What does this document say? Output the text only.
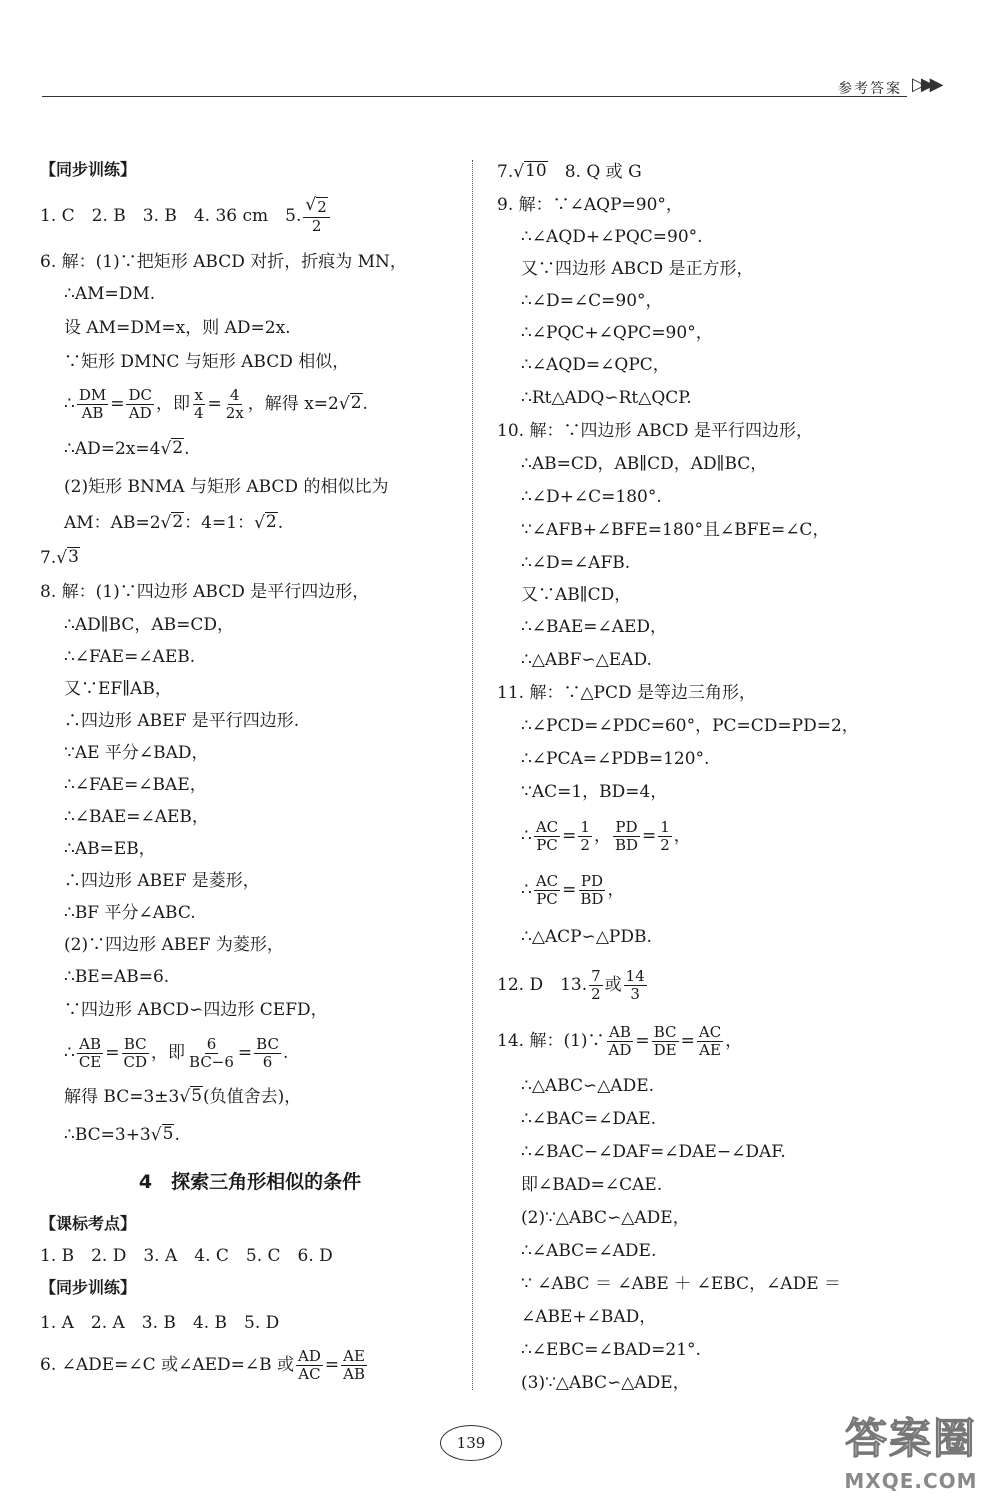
参考答案 ▷▶▶
【同步训练】
1. C　2. B　3. B　4. 36 cm　5. $\frac{√ 2}{2}$
6. 解：(1)∵把矩形 ABCD 对折，折痕为 MN，
∴AM=DM.
设 AM=DM=x，则 AD=2x.
∵矩形 DMNC 与矩形 ABCD 相似，
∴ $\frac{DM}{AB} = \frac{DC}{AD}$ ，即 $\frac{x}{4} = \frac{4}{2x}$ ，解得 x=2 √ 2 .
∴AD=2x=4 √ 2 .
(2)矩形 BNMA 与矩形 ABCD 的相似比为
AM：AB=2 √ 2 ：4=1： √ 2 .
7. √ 3
8. 解：(1)∵四边形 ABCD 是平行四边形，
∴AD∥BC，AB=CD，
∴∠FAE=∠AEB.
又∵EF∥AB，
∴四边形 ABEF 是平行四边形.
∵AE 平分∠BAD，
∴∠FAE=∠BAE，
∴∠BAE=∠AEB，
∴AB=EB，
∴四边形 ABEF 是菱形，
∴BF 平分∠ABC.
(2)∵四边形 ABEF 为菱形，
∴BE=AB=6.
∵四边形 ABCD∽四边形 CEFD，
∴ $\frac{AB}{CE} = \frac{BC}{CD}$ ，即 $\frac{6}{BC-6} = \frac{BC}{6}$ .
解得 BC=3±3 √ 5 (负值舍去)，
∴BC=3+3 √ 5 .
4　探索三角形相似的条件
【课标考点】
1. B　2. D　3. A　4. C　5. C　6. D
【同步训练】
1. A　2. A　3. B　4. B　5. D
6. ∠ADE=∠C 或∠AED=∠B 或 $\frac{AD}{AC} = \frac{AE}{AB}$
7. √ 10 　8. Q 或 G
9. 解：∵∠AQP=90°，
∴∠AQD+∠PQC=90°.
又∵四边形 ABCD 是正方形，
∴∠D=∠C=90°，
∴∠PQC+∠QPC=90°，
∴∠AQD=∠QPC，
∴Rt△ADQ∽Rt△QCP.
10. 解：∵四边形 ABCD 是平行四边形，
∴AB=CD，AB∥CD，AD∥BC，
∴∠D+∠C=180°.
∵∠AFB+∠BFE=180°且∠BFE=∠C，
∴∠D=∠AFB.
又∵AB∥CD，
∴∠BAE=∠AED，
∴△ABF∽△EAD.
11. 解：∵△PCD 是等边三角形，
∴∠PCD=∠PDC=60°，PC=CD=PD=2，
∴∠PCA=∠PDB=120°.
∵AC=1，BD=4，
∴ $\frac{AC}{PC} = \frac{1}{2}$ ， $\frac{PD}{BD} = \frac{1}{2}$ ，
∴ $\frac{AC}{PC} = \frac{PD}{BD}$ ，
∴△ACP∽△PDB.
12. D　13. $\frac{7}{2}$ 或 $\frac{14}{3}$
14. 解：(1)∵ $\frac{AB}{AD} = \frac{BC}{DE} = \frac{AC}{AE}$ ，
∴△ABC∽△ADE.
∴∠BAC=∠DAE.
∴∠BAC−∠DAF=∠DAE−∠DAF.
即∠BAD=∠CAE.
(2)∵△ABC∽△ADE，
∴∠ABC=∠ADE.
∵ ∠ABC ＝ ∠ABE ＋ ∠EBC，∠ADE ＝
∠ABE+∠BAD，
∴∠EBC=∠BAD=21°.
(3)∵△ABC∽△ADE，
139	答案圈
MXQE.COM
